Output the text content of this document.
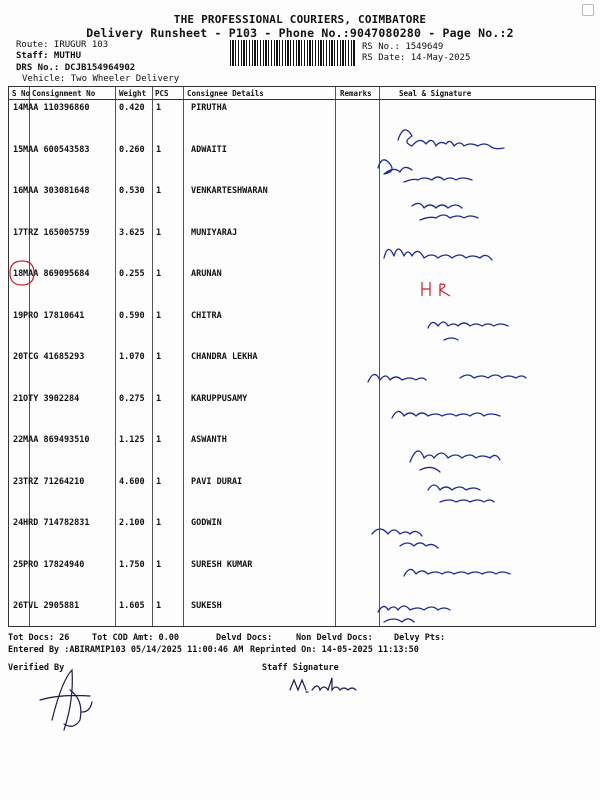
THE PROFESSIONAL COURIERS, COIMBATORE
Delivery Runsheet - P103 - Phone No.:9047080280 - Page No.:2
Route: IRUGUR 103
Staff: MUTHU
DRS No.: DCJB154964902
Vehicle: Two Wheeler Delivery
RS No.: 1549649
RS Date: 14-May-2025
S No Consignment No	Weight PCS Consignee Details	Remarks	Seal & Signature
14 MAA 110396860	0.420 1	PIRUTHA
15 MAA 600543583	0.260 1	ADWAITI
16 MAA 303081648	0.530 1	VENKARTESHWARAN
17 TRZ 165005759	3.625 1	MUNIYARAJ
18 MAA 869095684	0.255 1	ARUNAN
19 PRO 17810641	0.590 1	CHITRA
20 TCG 41685293	1.070 1	CHANDRA LEKHA
21 OTY 3902284	0.275 1	KARUPPUSAMY
22 MAA 869493510	1.125 1	ASWANTH
23 TRZ 71264210	4.600 1	PAVI DURAI
24 HRD 714782831	2.100 1	GODWIN
25 PRO 17824940	1.750 1	SURESH KUMAR
26 TVL 2905881	1.605 1	SUKESH
Tot Docs: 26	Tot COD Amt: 0.00	Delvd Docs:	Non Delvd Docs: Delvy Pts:
Entered By :ABIRAMIP103 05/14/2025 11:00:46 AM Reprinted On: 14-05-2025 11:13:50
Verified By	Staff Signature
